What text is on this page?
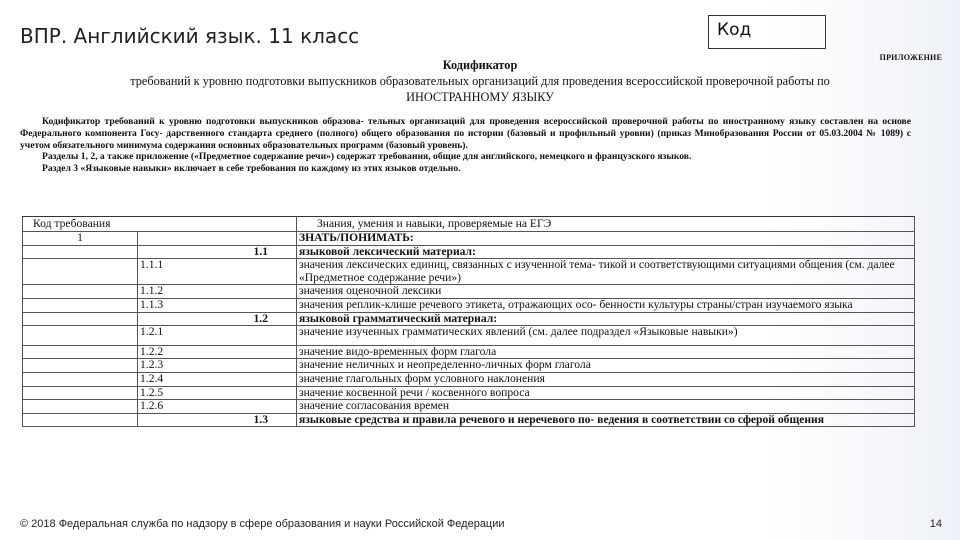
ВПР. Английский язык. 11 класс	Код
ПРИЛОЖЕНИЕ
Кодификатор
требований к уровню подготовки выпускников образовательных организаций для проведения всероссийской проверочной работы по
ИНОСТРАННОМУ ЯЗЫКУ

Кодификатор требований к уровню подготовки выпускников образова- тельных организаций для проведения всероссийской проверочной работы по иностранному языку составлен на основе Федерального компонента Госу- дарственного стандарта среднего (полного) общего образования по истории (базовый и профильный уровни) (приказ Минобразования России от 05.03.2004 № 1089) с учетом обязательного минимума содержания основных образовательных программ (базовый уровень).

Разделы 1, 2, а также приложение («Предметное содержание речи») содержат требования, общие для английского, немецкого и французского языков.

Раздел 3 «Языковые навыки» включает в себе требования по каждому из этих языков отдельно.

Код требования		Знания, умения и навыки, проверяемые на ЕГЭ
1		ЗНАТЬ/ПОНИМАТЬ:
	1.1	языковой лексический материал:
	1.1.1	значения лексических единиц, связанных с изученной тема- тикой и соответствующими ситуациями общения (см. далее «Предметное содержание речи»)
	1.1.2	значения оценочной лексики
	1.1.3	значения реплик-клише речевого этикета, отражающих осо- бенности культуры страны/стран изучаемого языка
	1.2	языковой грамматический материал:
	1.2.1	значение изученных грамматических явлений (см. далее подраздел «Языковые навыки»)
	1.2.2	значение видо-временных форм глагола
	1.2.3	значение неличных и неопределенно-личных форм глагола
	1.2.4	значение глагольных форм условного наклонения
	1.2.5	значение косвенной речи / косвенного вопроса
	1.2.6	значение согласования времен
	1.3	языковые средства и правила речевого и неречевого по- ведения в соответствии со сферой общения
© 2018 Федеральная служба по надзору в сфере образования и науки Российской Федерации	14
